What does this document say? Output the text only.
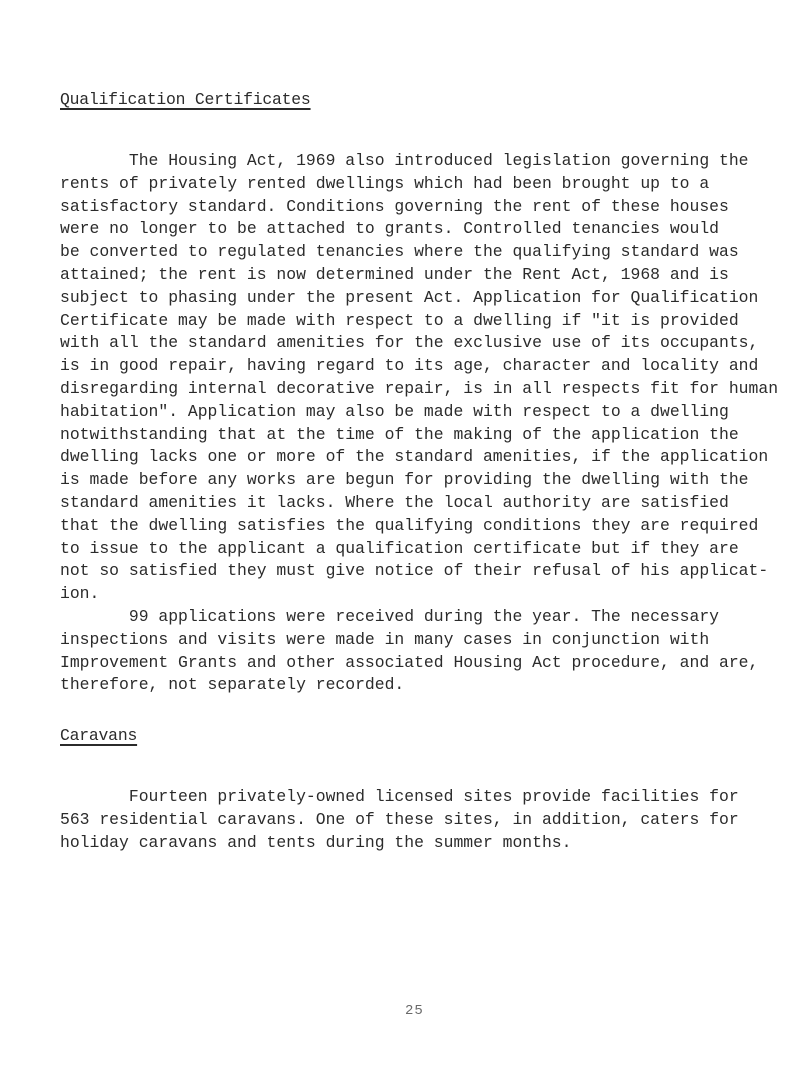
Qualification Certificates
The Housing Act, 1969 also introduced legislation governing the
rents of privately rented dwellings which had been brought up to a
satisfactory standard. Conditions governing the rent of these houses
were no longer to be attached to grants. Controlled tenancies would
be converted to regulated tenancies where the qualifying standard was
attained; the rent is now determined under the Rent Act, 1968 and is
subject to phasing under the present Act. Application for Qualification
Certificate may be made with respect to a dwelling if "it is provided
with all the standard amenities for the exclusive use of its occupants,
is in good repair, having regard to its age, character and locality and
disregarding internal decorative repair, is in all respects fit for human
habitation". Application may also be made with respect to a dwelling
notwithstanding that at the time of the making of the application the
dwelling lacks one or more of the standard amenities, if the application
is made before any works are begun for providing the dwelling with the
standard amenities it lacks. Where the local authority are satisfied
that the dwelling satisfies the qualifying conditions they are required
to issue to the applicant a qualification certificate but if they are
not so satisfied they must give notice of their refusal of his applicat-
ion.
99 applications were received during the year. The necessary
inspections and visits were made in many cases in conjunction with
Improvement Grants and other associated Housing Act procedure, and are,
therefore, not separately recorded.
Caravans
Fourteen privately-owned licensed sites provide facilities for
563 residential caravans. One of these sites, in addition, caters for
holiday caravans and tents during the summer months.
25
